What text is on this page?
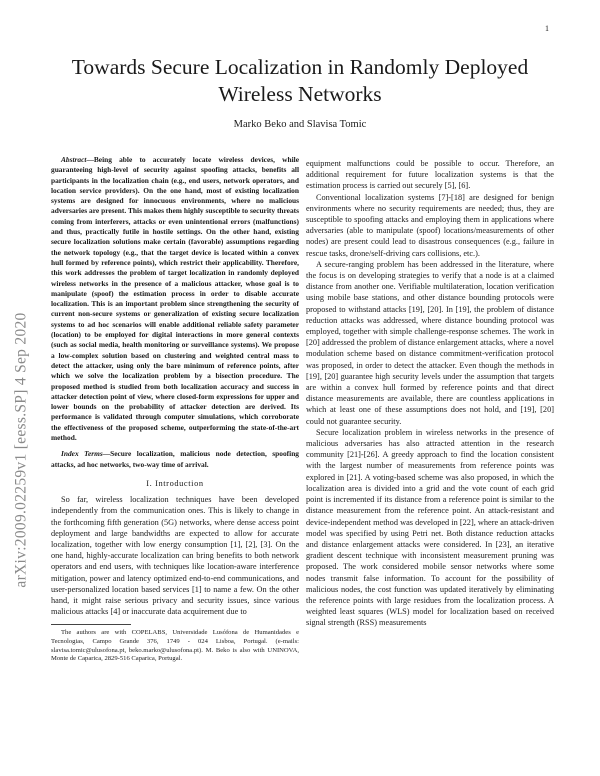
1
arXiv:2009.02259v1 [eess.SP] 4 Sep 2020
Towards Secure Localization in Randomly Deployed Wireless Networks
Marko Beko and Slavisa Tomic

Abstract—Being able to accurately locate wireless devices, while guaranteeing high-level of security against spoofing attacks, benefits all participants in the localization chain (e.g., end users, network operators, and location service providers). On the one hand, most of existing localization systems are designed for innocuous environments, where no malicious adversaries are present. This makes them highly susceptible to security threats coming from interferers, attacks or even unintentional errors (malfunctions) and thus, practically futile in hostile settings. On the other hand, existing secure localization solutions make certain (favorable) assumptions regarding the network topology (e.g., that the target device is located within a convex hull formed by reference points), which restrict their applicability. Therefore, this work addresses the problem of target localization in randomly deployed wireless networks in the presence of a malicious attacker, whose goal is to manipulate (spoof) the estimation process in order to disable accurate localization. This is an important problem since strengthening the security of current non-secure systems or generalization of existing secure localization systems to ad hoc scenarios will enable additional reliable safety parameter (location) to be employed for digital interactions in more general contexts (such as social media, health monitoring or surveillance systems). We propose a low-complex solution based on clustering and weighted central mass to detect the attacker, using only the bare minimum of reference points, after which we solve the localization problem by a bisection procedure. The proposed method is studied from both localization accuracy and success in attacker detection point of view, where closed-form expressions for upper and lower bounds on the probability of attacker detection are derived. Its performance is validated through computer simulations, which corroborate the effectiveness of the proposed scheme, outperforming the state-of-the-art method.

Index Terms—Secure localization, malicious node detection, spoofing attacks, ad hoc networks, two-way time of arrival.

I. Introduction

So far, wireless localization techniques have been developed independently from the communication ones. This is likely to change in the forthcoming fifth generation (5G) networks, where dense access point deployment and large bandwidths are expected to allow for accurate localization, together with low energy consumption [1], [2], [3]. On the one hand, highly-accurate localization can bring benefits to both network operators and end users, with techniques like location-aware interference mitigation, power and latency optimized end-to-end communications, and user-personalized location based services [1] to name a few. On the other hand, it might raise serious privacy and security issues, since various malicious attacks [4] or inaccurate data acquirement due to

The authors are with COPELABS, Universidade Lusófona de Humanidades e Tecnologias, Campo Grande 376, 1749 - 024 Lisboa, Portugal. (e-mails: slavisa.tomic@ulusofona.pt, beko.marko@ulusofona.pt). M. Beko is also with UNINOVA, Monte de Caparica, 2829-516 Caparica, Portugal.

equipment malfunctions could be possible to occur. Therefore, an additional requirement for future localization systems is that the estimation process is carried out securely [5], [6].

Conventional localization systems [7]-[18] are designed for benign environments where no security requirements are needed; thus, they are susceptible to spoofing attacks and employing them in applications where adversaries (able to manipulate (spoof) locations/measurements of other nodes) are present could lead to disastrous consequences (e.g., failure in rescue tasks, drone/self-driving cars collisions, etc.).

A secure-ranging problem has been addressed in the literature, where the focus is on developing strategies to verify that a node is at a claimed distance from another one. Verifiable multilateration, location verification using mobile base stations, and other distance bounding protocols were proposed to withstand attacks [19], [20]. In [19], the problem of distance reduction attacks was addressed, where distance bounding protocol was employed, together with simple challenge-response schemes. The work in [20] addressed the problem of distance enlargement attacks, where a novel modulation scheme based on distance commitment-verification protocol was proposed, in order to detect the attacker. Even though the methods in [19], [20] guarantee high security levels under the assumption that targets are within a convex hull formed by reference points and that direct distance measurements are available, there are countless applications in which at least one of these assumptions does not hold, and [19], [20] could not guarantee security.

Secure localization problem in wireless networks in the presence of malicious adversaries has also attracted attention in the research community [21]-[26]. A greedy approach to find the location consistent with the largest number of measurements from reference points was explored in [21]. A voting-based scheme was also proposed, in which the localization area is divided into a grid and the vote count of each grid point is incremented if its distance from a reference point is similar to the distance measurement from the reference point. An attack-resistant and device-independent method was developed in [22], where an attack-driven model was specified by using Petri net. Both distance reduction attacks and distance enlargement attacks were considered. In [23], an iterative gradient descent technique with inconsistent measurement pruning was proposed. The work considered mobile sensor networks where some nodes transmit false information. To account for the possibility of malicious nodes, the cost function was updated iteratively by eliminating the reference points with large residues from the localization process. A weighted least squares (WLS) model for localization based on received signal strength (RSS) measurements
